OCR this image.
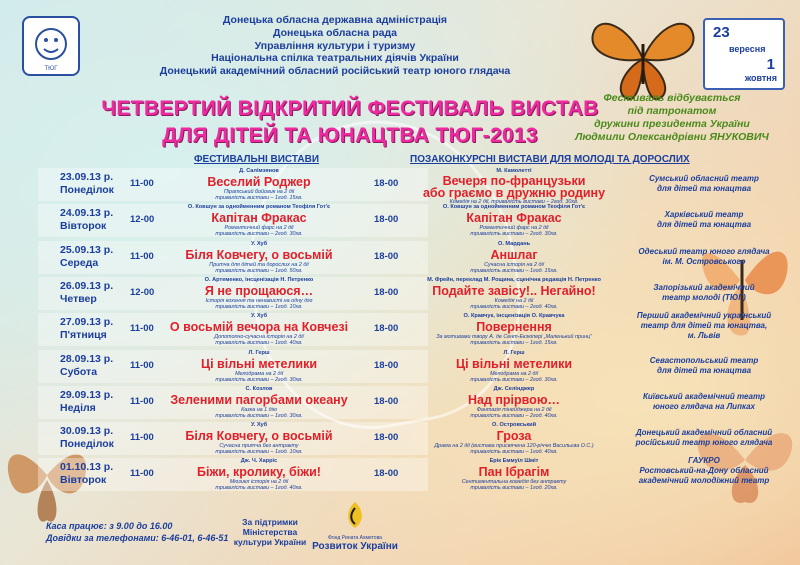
ТЮГ
Донецька обласна державна адміністрація
Донецька обласна рада
Управління культури і туризму
Національна спілка театральних діячів України
Донецький академічний обласний російський театр юного глядача
23
вересня
1
жовтня
ЧЕТВЕРТИЙ ВІДКРИТИЙ ФЕСТИВАЛЬ ВИСТАВ
ДЛЯ ДІТЕЙ ТА ЮНАЦТВА ТЮГ-2013
Фестиваль відбувається
під патронатом
дружини президента України
Людмили Олександрівни ЯНУКОВИЧ
ФЕСТИВАЛЬНІ ВИСТАВИ	ПОЗАКОНКУРСНІ ВИСТАВИ ДЛЯ МОЛОДІ ТА ДОРОСЛИХ
23.09.13 р.
Понеділок
11-00
Д. Салімзянов
Веселий Роджер
Піратський бойовик на 2 дії
тривалість вистави – 1год. 15хв.
18-00
М. Камолетті
Вечеря по-французьки
або граємо в дружню родину
Комедія на 2 дії, тривалість вистави – 2год. 30хв.
Сумський обласний театр
для дітей та юнацтва
24.09.13 р.
Вівторок
12-00
О. Ковшун за однойменним романом Теофіля Гот'є
Капітан Фракас
Романтичний фарс на 2 дії
тривалість вистави – 2год. 30хв.
18-00
О. Ковшун за однойменним романом Теофіля Гот'є
Капітан Фракас
Романтичний фарс на 2 дії
тривалість вистави – 2год. 30хв.
Харківський театр
для дітей та юнацтва
25.09.13 р.
Середа
11-00
У. Хуб
Біля Ковчегу, о восьмій
Притча для дітей та дорослих на 2 дії
тривалість вистави – 1год. 50хв.
18-00
О. Мардань
Аншлаг
Сучасна історія на 2 дії
тривалість вистави – 1год. 15хв.
Одеський театр юного глядача
ім. М. Островського
26.09.13 р.
Четвер
12-00
О. Артеменко, інсценізація Н. Петренко
Я не прощаюся…
Історія кохання та ненависті на одну дію
тривалість вистави – 1год. 10хв.
18-00
М. Фрейн, переклад М. Рощина, сценічна редакція Н. Петренко
Подайте завісу!.. Негайно!
Комедія на 2 дії
тривалість вистави – 2год. 40хв.
Запорізький академічний
театр молоді (ТЮГ)
27.09.13 р.
П'ятниця
11-00
У. Хуб
О восьмій вечора на Ковчезі
Допотопно-сучасна історія на 2 дії
тривалість вистави – 1год. 40хв.
18-00
О. Кравчук, інсценізація О. Кравчука
Повернення
За мотивами твору А. де Сент-Екзюпері „Маленький принц”
тривалість вистави – 1год. 15хв.
Перший академічний український
театр для дітей та юнацтва,
м. Львів
28.09.13 р.
Субота
11-00
Л. Герш
Ці вільні метелики
Мелодрама на 2 дії
тривалість вистави – 2год. 30хв.
18-00
Л. Герш
Ці вільні метелики
Мелодрама на 2 дії
тривалість вистави – 2год. 30хв.
Севастопольський театр
для дітей та юнацтва
29.09.13 р.
Неділя
11-00
С. Козлов
Зеленими пагорбами океану
Казка на 1 дію
тривалість вистави – 1год. 30хв.
18-00
Дж. Селінджер
Над прірвою…
Фантазія тінейджера на 2 дії
тривалість вистави – 2год. 40хв.
Київський академічний театр
юного глядача на Липках
30.09.13 р.
Понеділок
11-00
У. Хуб
Біля Ковчегу, о восьмій
Сучасна притча без антракту
тривалість вистави – 1год. 10хв.
18-00
О. Островський
Гроза
Драма на 2 дії (вистава присвячена 120-річчю Васильєва О.С.)
тривалість вистави – 1год. 40хв.
Донецький академічний обласний
російський театр юного глядача
01.10.13 р.
Вівторок
11-00
Дж. Ч. Харріс
Біжи, кролику, біжи!
Мюзикл історія на 2 дії
тривалість вистави – 1год. 40хв.
18-00
Ерік Еммуїл Шміт
Пан Ібрагім
Сентиментальна комедія без антракту
тривалість вистави – 1год. 20хв.
ГАУКРО
Ростовський-на-Дону обласний
академічний молодіжний театр
Каса працює: з 9.00 до 16.00
Довідки за телефонами: 6-46-01, 6-46-51
За підтримки
Міністерства
культури України	Фонд Рината Ахметова
Розвиток України
